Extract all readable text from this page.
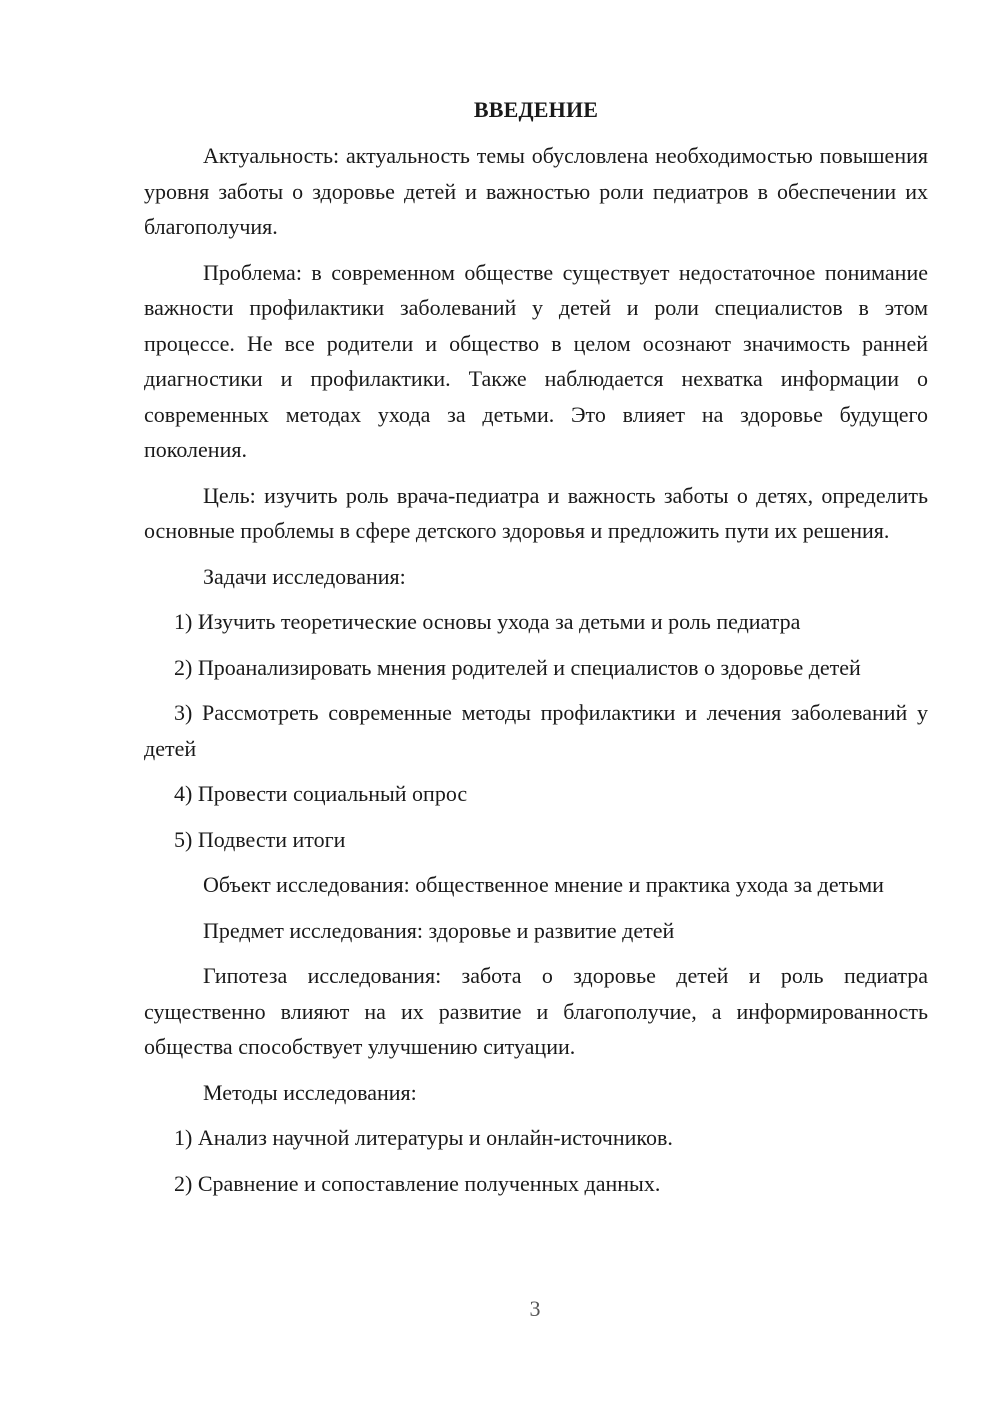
ВВЕДЕНИЕ

Актуальность: актуальность темы обусловлена необходимостью повышения уровня заботы о здоровье детей и важностью роли педиатров в обеспечении их благополучия.

Проблема: в современном обществе существует недостаточное понимание важности профилактики заболеваний у детей и роли специалистов в этом процессе. Не все родители и общество в целом осознают значимость ранней диагностики и профилактики. Также наблюдается нехватка информации о современных методах ухода за детьми. Это влияет на здоровье будущего поколения.

Цель: изучить роль врача-педиатра и важность заботы о детях, определить основные проблемы в сфере детского здоровья и предложить пути их решения.

Задачи исследования:

1) Изучить теоретические основы ухода за детьми и роль педиатра

2) Проанализировать мнения родителей и специалистов о здоровье детей

3) Рассмотреть современные методы профилактики и лечения заболеваний у детей

4) Провести социальный опрос

5) Подвести итоги

Объект исследования: общественное мнение и практика ухода за детьми

Предмет исследования: здоровье и развитие детей

Гипотеза исследования: забота о здоровье детей и роль педиатра существенно влияют на их развитие и благополучие, а информированность общества способствует улучшению ситуации.

Методы исследования:

1) Анализ научной литературы и онлайн-источников.

2) Сравнение и сопоставление полученных данных.

3
